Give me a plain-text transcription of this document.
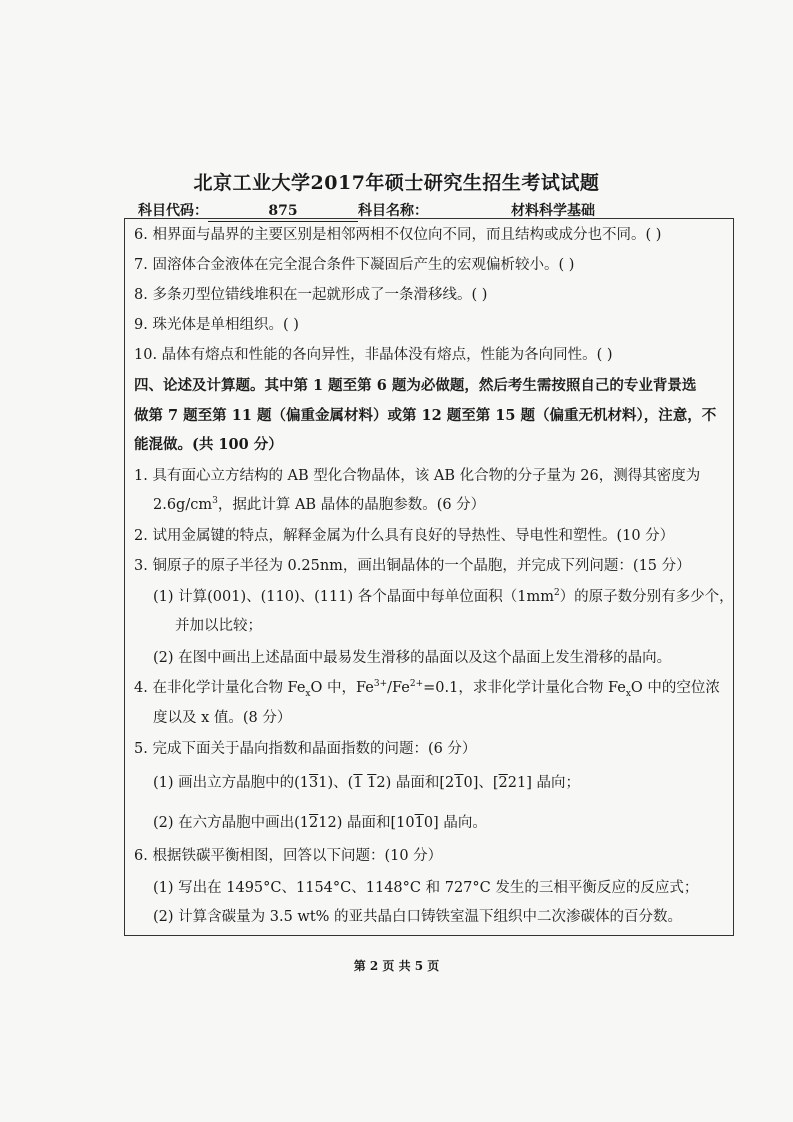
北京工业大学2017年硕士研究生招生考试试题
科目代码：	875	科目名称：	材料科学基础
6. 相界面与晶界的主要区别是相邻两相不仅位向不同，而且结构或成分也不同。( )
7. 固溶体合金液体在完全混合条件下凝固后产生的宏观偏析较小。( )
8. 多条刃型位错线堆积在一起就形成了一条滑移线。( )
9. 珠光体是单相组织。( )
10. 晶体有熔点和性能的各向异性，非晶体没有熔点，性能为各向同性。( )
四、论述及计算题。其中第 1 题至第 6 题为必做题，然后考生需按照自己的专业背景选
做第 7 题至第 11 题（偏重金属材料）或第 12 题至第 15 题（偏重无机材料），注意，不
能混做。(共 100 分）
1. 具有面心立方结构的 AB 型化合物晶体，该 AB 化合物的分子量为 26，测得其密度为
$2.6g/cm^3$，据此计算 AB 晶体的晶胞参数。(6 分）
2. 试用金属键的特点，解释金属为什么具有良好的导热性、导电性和塑性。(10 分）
3. 铜原子的原子半径为 0.25nm，画出铜晶体的一个晶胞，并完成下列问题：(15 分）
(1) 计算(001)、(110)、(111) 各个晶面中每单位面积$(1mm^2)$的原子数分别有多少个，
并加以比较；
(2) 在图中画出上述晶面中最易发生滑移的晶面以及这个晶面上发生滑移的晶向。
4. 在非化学计量化合物 $Fe_xO$ 中，$Fe^{3+}/Fe^{2+}=0.1$，求非化学计量化合物 $Fe_xO$ 中的空位浓
度以及 x 值。(8 分）
5. 完成下面关于晶向指数和晶面指数的问题：(6 分）
(1) 画出立方晶胞中的(131)、(1 12) 晶面和[210]、[221] 晶向；
(2) 在六方晶胞中画出(1212) 晶面和[1010] 晶向。
6. 根据铁碳平衡相图，回答以下问题：(10 分）
(1) 写出在 1495°C、1154°C、1148°C 和 727°C 发生的三相平衡反应的反应式；
(2) 计算含碳量为 3.5 wt% 的亚共晶白口铸铁室温下组织中二次渗碳体的百分数。
第 2 页 共 5 页
